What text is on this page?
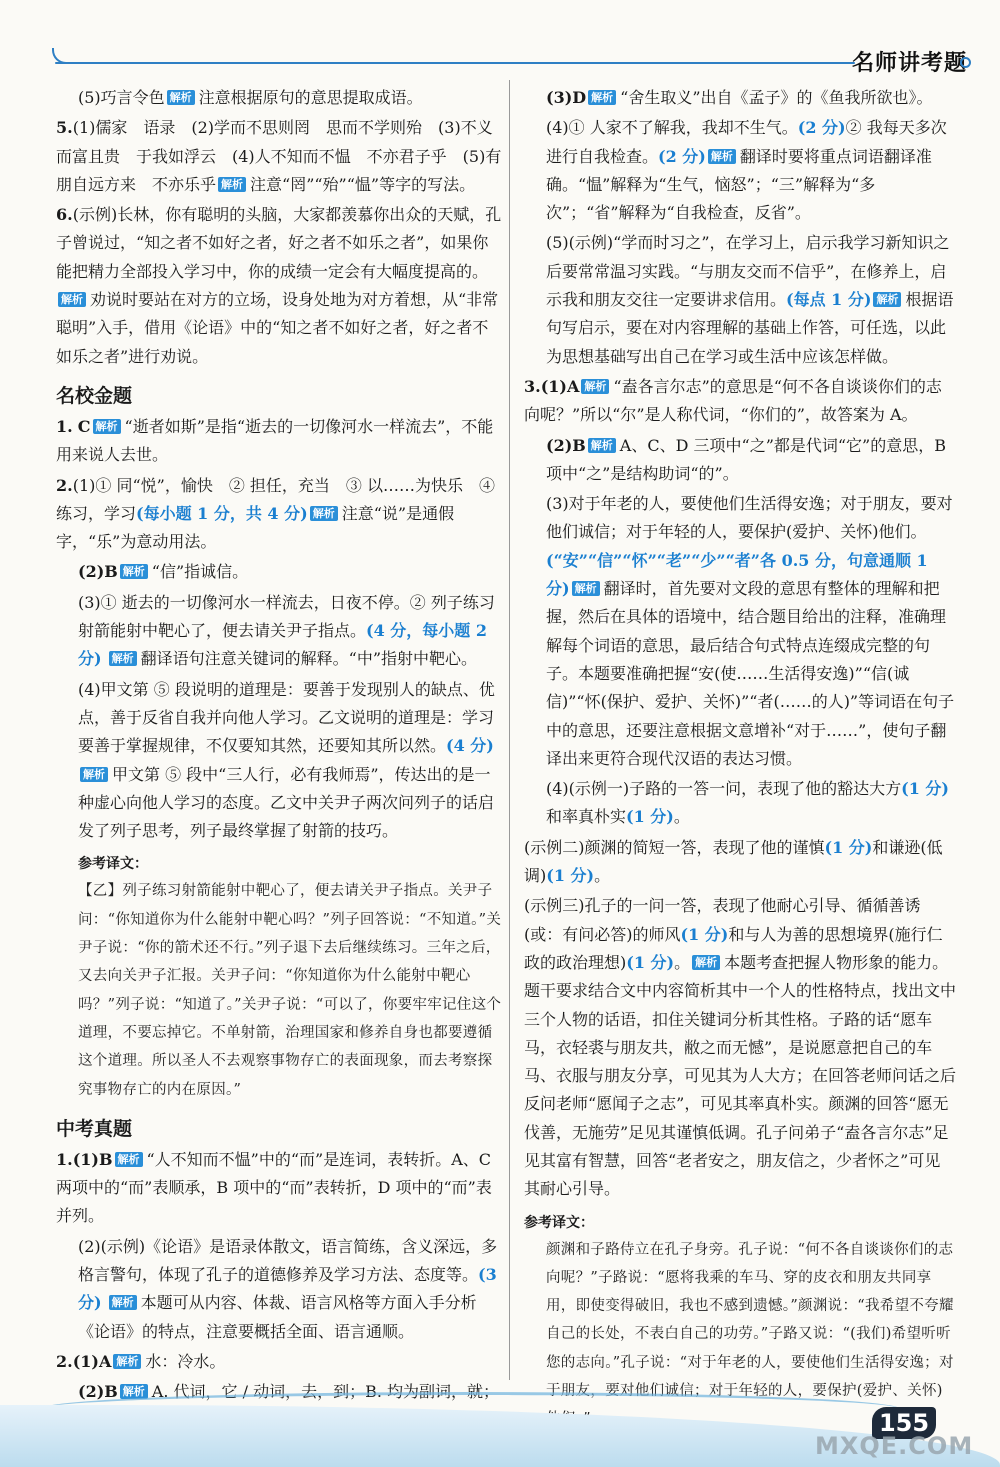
名师讲考题
(5)巧言令色 解析 注意根据原句的意思提取成语。
5.(1)儒家　语录　(2)学而不思则罔　思而不学则殆　(3)不义而富且贵　于我如浮云　(4)人不知而不愠　不亦君子乎　(5)有朋自远方来　不亦乐乎 解析 注意“罔”“殆”“愠”等字的写法。
6.(示例)长林，你有聪明的头脑，大家都羡慕你出众的天赋，孔子曾说过，“知之者不如好之者，好之者不如乐之者”，如果你能把精力全部投入学习中，你的成绩一定会有大幅度提高的。 解析 劝说时要站在对方的立场，设身处地为对方着想，从“非常聪明”入手，借用《论语》中的“知之者不如好之者，好之者不如乐之者”进行劝说。
名校金题
1. C 解析 “逝者如斯”是指“逝去的一切像河水一样流去”，不能用来说人去世。
2.(1)① 同“悦”，愉快　② 担任，充当　③ 以……为快乐　④ 练习，学习(每小题 1 分，共 4 分) 解析 注意“说”是通假字，“乐”为意动用法。
(2)B 解析 “信”指诚信。
(3)① 逝去的一切像河水一样流去，日夜不停。② 列子练习射箭能射中靶心了，便去请关尹子指点。(4 分，每小题 2 分) 解析 翻译语句注意关键词的解释。“中”指射中靶心。
(4)甲文第 ⑤ 段说明的道理是：要善于发现别人的缺点、优点，善于反省自我并向他人学习。乙文说明的道理是：学习要善于掌握规律，不仅要知其然，还要知其所以然。(4 分) 解析 甲文第 ⑤ 段中“三人行，必有我师焉”，传达出的是一种虚心向他人学习的态度。乙文中关尹子两次问列子的话启发了列子思考，列子最终掌握了射箭的技巧。
参考译文：
【乙】列子练习射箭能射中靶心了，便去请关尹子指点。关尹子问：“你知道你为什么能射中靶心吗？”列子回答说：“不知道。”关尹子说：“你的箭术还不行。”列子退下去后继续练习。三年之后，又去向关尹子汇报。关尹子问：“你知道你为什么能射中靶心吗？”列子说：“知道了。”关尹子说：“可以了，你要牢牢记住这个道理，不要忘掉它。不单射箭，治理国家和修养自身也都要遵循这个道理。所以圣人不去观察事物存亡的表面现象，而去考察探究事物存亡的内在原因。”
中考真题
1.(1)B 解析 “人不知而不愠”中的“而”是连词，表转折。A、C 两项中的“而”表顺承，B 项中的“而”表转折，D 项中的“而”表并列。
(2)(示例)《论语》是语录体散文，语言简练，含义深远，多格言警句，体现了孔子的道德修养及学习方法、态度等。(3 分) 解析 本题可从内容、体裁、语言风格等方面入手分析《论语》的特点，注意要概括全面、语言通顺。
2.(1)A 解析 水：冷水。
(2)B 解析 A. 代词，它 / 动词，去，到；B. 均为副词，就；
(3)D 解析 “舍生取义”出自《孟子》的《鱼我所欲也》。
(4)① 人家不了解我，我却不生气。(2 分)② 我每天多次进行自我检查。(2 分) 解析 翻译时要将重点词语翻译准确。“愠”解释为“生气，恼怒”；“三”解释为“多次”；“省”解释为“自我检查，反省”。
(5)(示例)“学而时习之”，在学习上，启示我学习新知识之后要常常温习实践。“与朋友交而不信乎”，在修养上，启示我和朋友交往一定要讲求信用。(每点 1 分) 解析 根据语句写启示，要在对内容理解的基础上作答，可任选，以此为思想基础写出自己在学习或生活中应该怎样做。
3.(1)A 解析 “盍各言尔志”的意思是“何不各自谈谈你们的志向呢？”所以“尔”是人称代词，“你们的”，故答案为 A。
(2)B 解析 A、C、D 三项中“之”都是代词“它”的意思，B 项中“之”是结构助词“的”。
(3)对于年老的人，要使他们生活得安逸；对于朋友，要对他们诚信；对于年轻的人，要保护(爱护、关怀)他们。(“安”“信”“怀”“老”“少”“者”各 0.5 分，句意通顺 1 分) 解析 翻译时，首先要对文段的意思有整体的理解和把握，然后在具体的语境中，结合题目给出的注释，准确理解每个词语的意思，最后结合句式特点连缀成完整的句子。本题要准确把握“安(使……生活得安逸)”“信(诚信)”“怀(保护、爱护、关怀)”“者(……的人)”等词语在句子中的意思，还要注意根据文意增补“对于……”，使句子翻译出来更符合现代汉语的表达习惯。
(4)(示例一)子路的一答一问，表现了他的豁达大方(1 分)和率真朴实(1 分)。
(示例二)颜渊的简短一答，表现了他的谨慎(1 分)和谦逊(低调)(1 分)。
(示例三)孔子的一问一答，表现了他耐心引导、循循善诱(或：有问必答)的师风(1 分)和与人为善的思想境界(施行仁政的政治理想)(1 分)。 解析 本题考查把握人物形象的能力。题干要求结合文中内容简析其中一个人的性格特点，找出文中三个人物的话语，扣住关键词分析其性格。子路的话“愿车马，衣轻裘与朋友共，敝之而无憾”，是说愿意把自己的车马、衣服与朋友分享，可见其为人大方；在回答老师问话之后反问老师“愿闻子之志”，可见其率真朴实。颜渊的回答“愿无伐善，无施劳”足见其谨慎低调。孔子问弟子“盍各言尔志”足见其富有智慧，回答“老者安之，朋友信之，少者怀之”可见其耐心引导。
参考译文：
颜渊和子路侍立在孔子身旁。孔子说：“何不各自谈谈你们的志向呢？”子路说：“愿将我乘的车马、穿的皮衣和朋友共同享用，即使变得破旧，我也不感到遗憾。”颜渊说：“我希望不夸耀自己的长处，不表白自己的功劳。”子路又说：“(我们)希望听听您的志向。”孔子说：“对于年老的人，要使他们生活得安逸；对于朋友，要对他们诚信；对于年轻的人，要保护(爱护、关怀)
155
MXQE.COM
